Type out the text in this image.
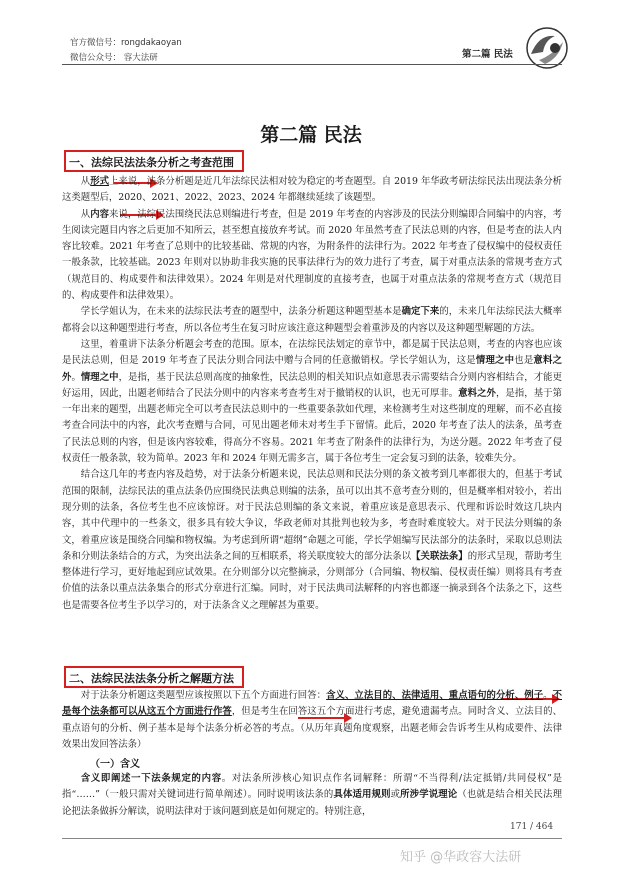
官方微信号：rongdakaoyan
微信公众号： 容大法研	第二篇 民法
第二篇 民法
一、法综民法法条分析之考查范围

从形式上来说，法条分析题是近几年法综民法相对较为稳定的考查题型。自 2019 年华政考研法综民法出现法条分析这类题型后，2020、2021、2022、2023、2024 年都继续延续了该题型。

从内容来说，法综民法围绕民法总则编进行考查，但是 2019 年考查的内容涉及的民法分则编即合同编中的内容，考生阅读完题目内容之后更加不知所云，甚至想直接放弃考试。而 2020 年虽然考查了民法总则的内容，但是考查的法人内容比较难。2021 年考查了总则中的比较基础、常规的内容，为附条件的法律行为。2022 年考查了侵权编中的侵权责任一般条款，比较基础。2023 年则对以协助非我实施的民事法律行为的效力进行了考查，属于对重点法条的常规考查方式（规范目的、构成要件和法律效果）。2024 年则是对代理制度的直接考查，也属于对重点法条的常规考查方式（规范目的、构成要件和法律效果）。

学长学姐认为，在未来的法综民法考查的题型中，法条分析题这种题型基本是确定下来的，未来几年法综民法大概率都将会以这种题型进行考查，所以各位考生在复习时应该注意这种题型会着重涉及的内容以及这种题型解题的方法。

这里，着重讲下法条分析题会考查的范围。原本，在法综民法划定的章节中，都是属于民法总则，考查的内容也应该是民法总则，但是 2019 年考查了民法分则合同法中赠与合同的任意撤销权。学长学姐认为，这是情理之中也是意料之外。情理之中，是指，基于民法总则高度的抽象性，民法总则的相关知识点如意思表示需要结合分则内容相结合，才能更好运用，因此，出题老师结合了民法分则中的内容来考查考生对于撤销权的认识，也无可厚非。意料之外，是指，基于第一年出来的题型，出题老师完全可以考查民法总则中的一些重要条款如代理，来检测考生对这些制度的理解，而不必直接考查合同法中的内容，此次考查赠与合同，可见出题老师未对考生手下留情。此后，2020 年考查了法人的法条，虽考查了民法总则的内容，但是该内容较难，得高分不容易。2021 年考查了附条件的法律行为，为送分题。2022 年考查了侵权责任一般条款，较为简单。2023 年和 2024 年则无需多言，属于各位考生一定会复习到的法条，较难失分。

结合这几年的考查内容及趋势，对于法条分析题来说，民法总则和民法分则的条文被考到几率都很大的，但基于考试范围的限制，法综民法的重点法条仍应围绕民法典总则编的法条，虽可以出其不意考查分则的，但是概率相对较小，若出现分则的法条，各位考生也不应该惊讶。对于民法总则编的条文来说，着重应该是意思表示、代理和诉讼时效这几块内容，其中代理中的一些条文，很多具有较大争议，华政老师对其批判也较为多，考查时难度较大。对于民法分则编的条文，着重应该是围绕合同编和物权编。为考虑到所谓“超纲”命题之可能，学长学姐编写民法部分的法条时，采取以总则法条和分则法条结合的方式，为突出法条之间的互相联系，将关联度较大的部分法条以【关联法条】的形式呈现，帮助考生整体进行学习，更好地起到应试效果。在分则部分以完整摘录，分则部分（合同编、物权编、侵权责任编）则将具有考查价值的法条以重点法条集合的形式分章进行汇编。同时，对于民法典司法解释的内容也都逐一摘录到各个法条之下，这些也是需要各位考生予以学习的，对于法条含义之理解甚为重要。

二、法综民法法条分析之解题方法

对于法条分析题这类题型应该按照以下五个方面进行回答：含义、立法目的、法律适用、重点语句的分析、例子。不是每个法条都可以从这五个方面进行作答，但是考生在回答这五个方面进行考虑，避免遗漏考点。同时含义、立法目的、重点语句的分析、例子基本是每个法条分析必答的考点。（从历年真题角度观察，出题老师会告诉考生从构成要件、法律效果出发回答法条）

（一）含义

含义即阐述一下法条规定的内容。对法条所涉核心知识点作名词解释：所谓“不当得利/法定抵销/共同侵权”是指“……”（一般只需对关键词进行简单阐述）。同时说明该法条的具体适用规则或所涉学说理论（也就是结合相关民法理论把法条做拆分解读，说明法律对于该问题到底是如何规定的。特别注意，

171 / 464
知乎 @华政容大法研
